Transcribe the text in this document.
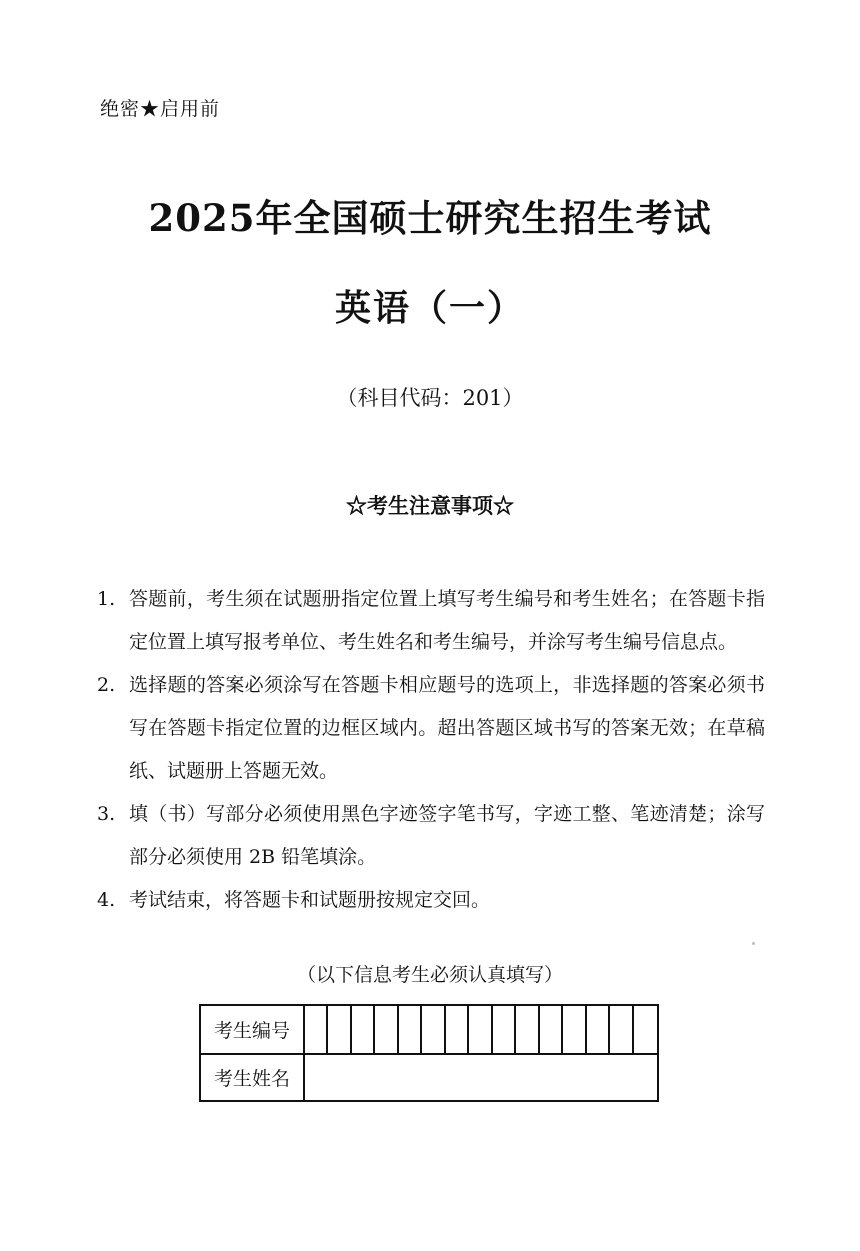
绝密★启用前
2025年全国硕士研究生招生考试
英语（一）
（科目代码：201）
☆考生注意事项☆
1. 答题前，考生须在试题册指定位置上填写考生编号和考生姓名；在答题卡指定位置上填写报考单位、考生姓名和考生编号，并涂写考生编号信息点。
2. 选择题的答案必须涂写在答题卡相应题号的选项上，非选择题的答案必须书写在答题卡指定位置的边框区域内。超出答题区域书写的答案无效；在草稿纸、试题册上答题无效。
3. 填（书）写部分必须使用黑色字迹签字笔书写，字迹工整、笔迹清楚；涂写部分必须使用 2B 铅笔填涂。
4. 考试结束，将答题卡和试题册按规定交回。
（以下信息考生必须认真填写）
考生编号
考生姓名
